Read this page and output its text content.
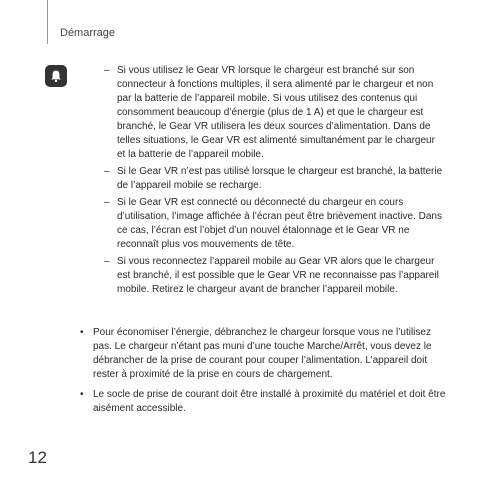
Démarrage
– Si vous utilisez le Gear VR lorsque le chargeur est branché sur son connecteur à fonctions multiples, il sera alimenté par le chargeur et non par la batterie de l’appareil mobile. Si vous utilisez des contenus qui consomment beaucoup d’énergie (plus de 1 A) et que le chargeur est branché, le Gear VR utilisera les deux sources d’alimentation. Dans de telles situations, le Gear VR est alimenté simultanément par le chargeur et la batterie de l’appareil mobile.
– Si le Gear VR n’est pas utilisé lorsque le chargeur est branché, la batterie de l’appareil mobile se recharge.
– Si le Gear VR est connecté ou déconnecté du chargeur en cours d’utilisation, l’image affichée à l’écran peut être brièvement inactive. Dans ce cas, l’écran est l’objet d’un nouvel étalonnage et le Gear VR ne reconnaît plus vos mouvements de tête.
– Si vous reconnectez l’appareil mobile au Gear VR alors que le chargeur est branché, il est possible que le Gear VR ne reconnaisse pas l’appareil mobile. Retirez le chargeur avant de brancher l’appareil mobile.
• Pour économiser l’énergie, débranchez le chargeur lorsque vous ne l’utilisez pas. Le chargeur n’étant pas muni d’une touche Marche/Arrêt, vous devez le débrancher de la prise de courant pour couper l’alimentation. L’appareil doit rester à proximité de la prise en cours de chargement.
• Le socle de prise de courant doit être installé à proximité du matériel et doit être aisément accessible.
12
